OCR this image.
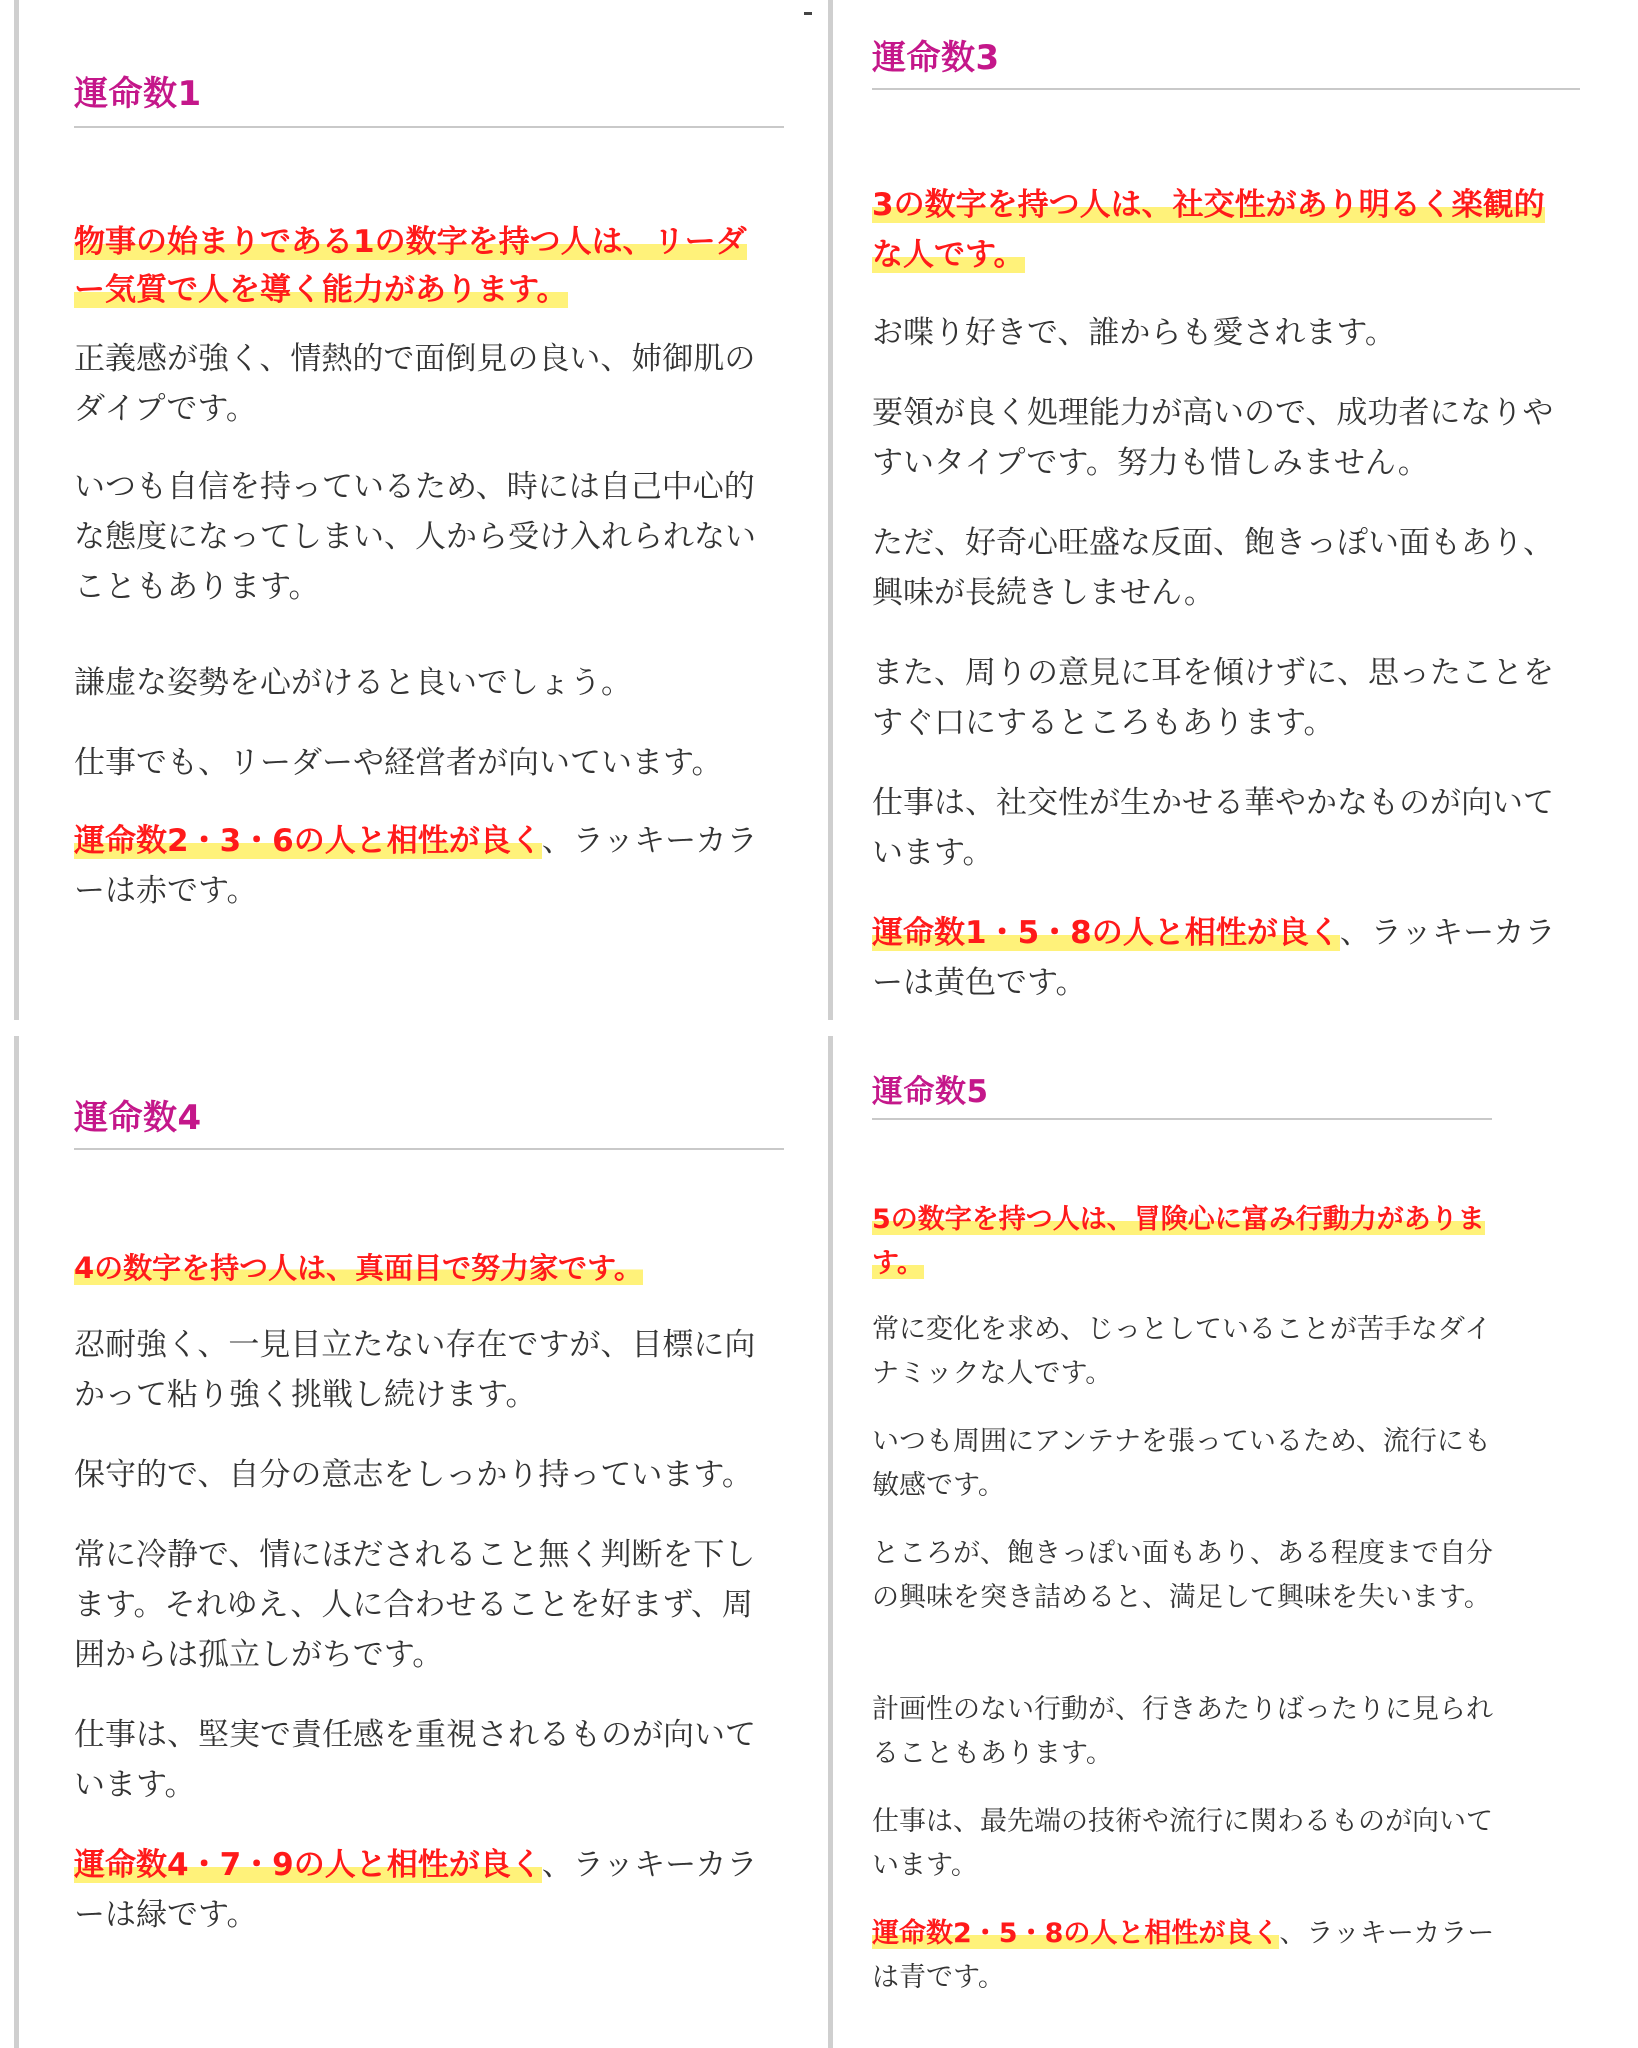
運命数1

物事の始まりである1の数字を持つ人は、リーダー気質で人を導く能力があります。

正義感が強く、情熱的で面倒見の良い、姉御肌のダイプです。

いつも自信を持っているため、時には自己中心的な態度になってしまい、人から受け入れられないこともあります。

謙虚な姿勢を心がけると良いでしょう。

仕事でも、リーダーや経営者が向いています。

運命数2・3・6の人と相性が良く、ラッキーカラーは赤です。

運命数3

3の数字を持つ人は、社交性があり明るく楽観的な人です。

お喋り好きで、誰からも愛されます。

要領が良く処理能力が高いので、成功者になりやすいタイプです。努力も惜しみません。

ただ、好奇心旺盛な反面、飽きっぽい面もあり、興味が長続きしません。

また、周りの意見に耳を傾けずに、思ったことをすぐ口にするところもあります。

仕事は、社交性が生かせる華やかなものが向いています。

運命数1・5・8の人と相性が良く、ラッキーカラーは黄色です。

運命数4

4の数字を持つ人は、真面目で努力家です。

忍耐強く、一見目立たない存在ですが、目標に向かって粘り強く挑戦し続けます。

保守的で、自分の意志をしっかり持っています。

常に冷静で、情にほだされること無く判断を下します。それゆえ、人に合わせることを好まず、周囲からは孤立しがちです。

仕事は、堅実で責任感を重視されるものが向いています。

運命数4・7・9の人と相性が良く、ラッキーカラーは緑です。

運命数5

5の数字を持つ人は、冒険心に富み行動力があります。

常に変化を求め、じっとしていることが苦手なダイナミックな人です。

いつも周囲にアンテナを張っているため、流行にも敏感です。

ところが、飽きっぽい面もあり、ある程度まで自分の興味を突き詰めると、満足して興味を失います。

計画性のない行動が、行きあたりばったりに見られることもあります。

仕事は、最先端の技術や流行に関わるものが向いています。

運命数2・5・8の人と相性が良く、ラッキーカラーは青です。
